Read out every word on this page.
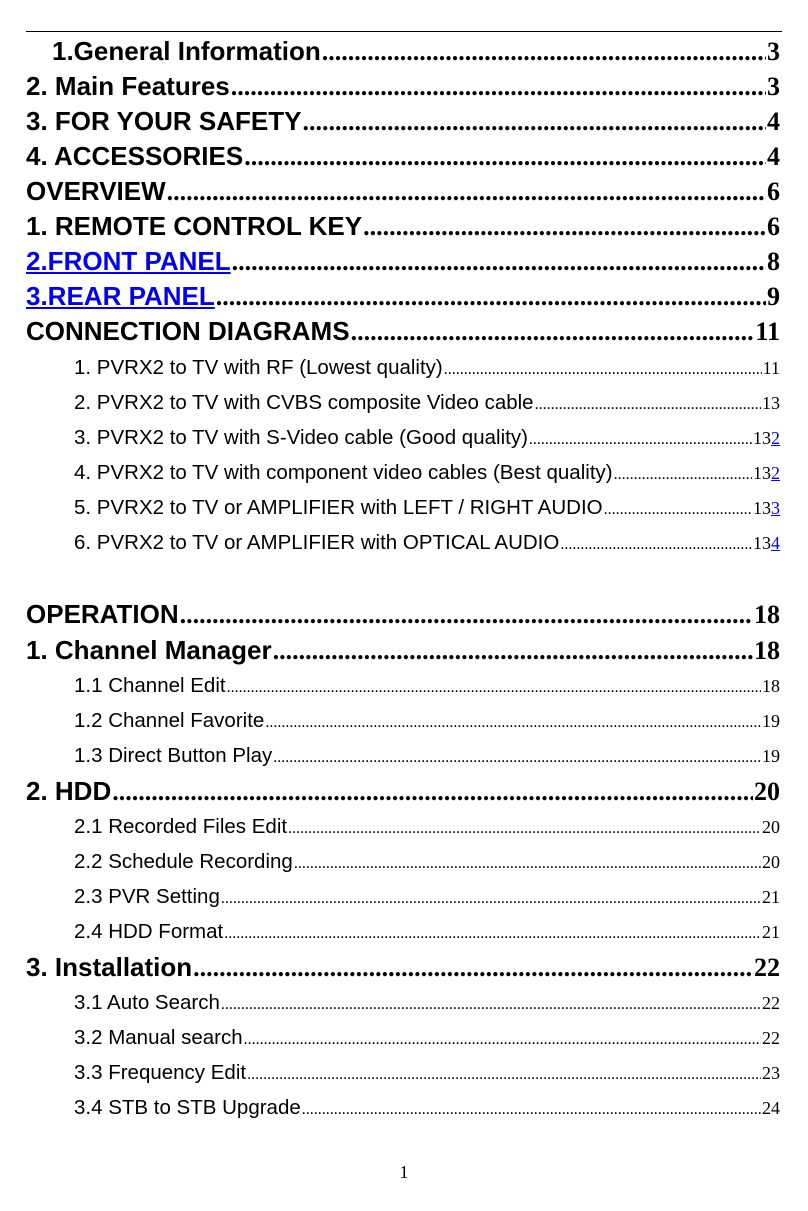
1.General Information .....	3
2. Main Features .....	3
3. FOR YOUR SAFETY .....	4
4. ACCESSORIES .....	4
OVERVIEW .....	6
1. REMOTE CONTROL KEY .....	6
2.FRONT PANEL .....	8
3.REAR PANEL .....	9
CONNECTION DIAGRAMS .....	11
1. PVRX2 to TV with RF (Lowest quality) .....	11
2. PVRX2 to TV with CVBS composite Video cable .....	13
3. PVRX2 to TV with S-Video cable (Good quality) .....	132
4. PVRX2 to TV with component video cables (Best quality) .....	132
5. PVRX2 to TV or AMPLIFIER with LEFT / RIGHT AUDIO .....	133
6. PVRX2 to TV or AMPLIFIER with OPTICAL AUDIO .....	134
OPERATION .....	18
1. Channel Manager .....	18
1.1 Channel Edit .....	18
1.2 Channel Favorite .....	19
1.3 Direct Button Play .....	19
2. HDD .....	20
2.1 Recorded Files Edit .....	20
2.2 Schedule Recording .....	20
2.3 PVR Setting .....	21
2.4 HDD Format .....	21
3. Installation .....	22
3.1 Auto Search .....	22
3.2 Manual search .....	22
3.3 Frequency Edit .....	23
3.4 STB to STB Upgrade .....	24
1
